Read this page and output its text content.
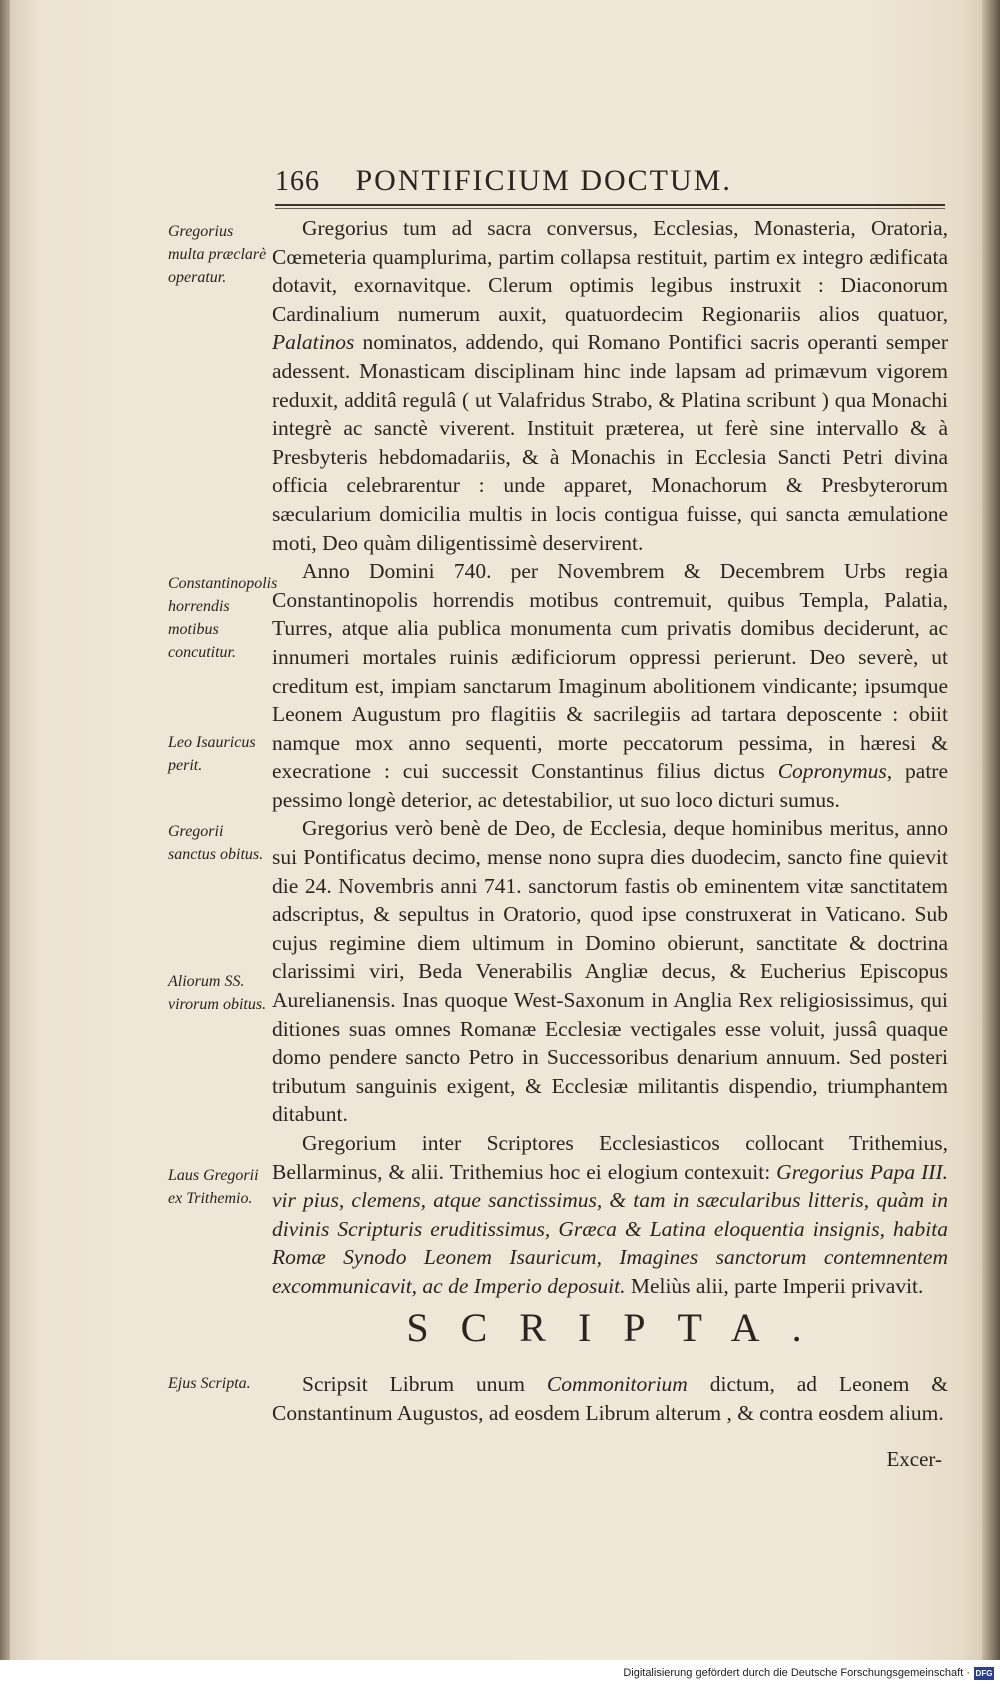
166 PONTIFICIUM DOCTUM.
Gregorius multa præclarè operatur.
Constantinopolis horrendis motibus concutitur.
Leo Isauricus perit.
Gregorii sanctus obitus.
Aliorum SS. virorum obitus.
Laus Gregorii ex Trithemio.
Ejus Scripta.

Gregorius tum ad sacra conversus, Ecclesias, Monasteria, Oratoria, Cœmeteria quamplurima, partim collapsa restituit, partim ex integro ædificata dotavit, exornavitque. Clerum optimis legibus instruxit : Diaconorum Cardinalium numerum auxit, quatuordecim Regionariis alios quatuor, Palatinos nominatos, addendo, qui Romano Pontifici sacris operanti semper adessent. Monasticam disciplinam hinc inde lapsam ad primævum vigorem reduxit, additâ regulâ ( ut Valafridus Strabo, & Platina scribunt ) qua Monachi integrè ac sanctè viverent. Instituit præterea, ut ferè sine intervallo & à Presbyteris hebdomadariis, & à Monachis in Ecclesia Sancti Petri divina officia celebrarentur : unde apparet, Monachorum & Presbyterorum sæcularium domicilia multis in locis contigua fuisse, qui sancta æmulatione moti, Deo quàm diligentissimè deservirent.

Anno Domini 740. per Novembrem & Decembrem Urbs regia Constantinopolis horrendis motibus contremuit, quibus Templa, Palatia, Turres, atque alia publica monumenta cum privatis domibus deciderunt, ac innumeri mortales ruinis ædificiorum oppressi perierunt. Deo severè, ut creditum est, impiam sanctarum Imaginum abolitionem vindicante; ipsumque Leonem Augustum pro flagitiis & sacrilegiis ad tartara deposcente : obiit namque mox anno sequenti, morte peccatorum pessima, in hæresi & execratione : cui successit Constantinus filius dictus Copronymus, patre pessimo longè deterior, ac detestabilior, ut suo loco dicturi sumus.

Gregorius verò benè de Deo, de Ecclesia, deque hominibus meritus, anno sui Pontificatus decimo, mense nono supra dies duodecim, sancto fine quievit die 24. Novembris anni 741. sanctorum fastis ob eminentem vitæ sanctitatem adscriptus, & sepultus in Oratorio, quod ipse construxerat in Vaticano. Sub cujus regimine diem ultimum in Domino obierunt, sanctitate & doctrina clarissimi viri, Beda Venerabilis Angliæ decus, & Eucherius Episcopus Aurelianensis. Inas quoque West-Saxonum in Anglia Rex religiosissimus, qui ditiones suas omnes Romanæ Ecclesiæ vectigales esse voluit, jussâ quaque domo pendere sancto Petro in Successoribus denarium annuum. Sed posteri tributum sanguinis exigent, & Ecclesiæ militantis dispendio, triumphantem ditabunt.

Gregorium inter Scriptores Ecclesiasticos collocant Trithemius, Bellarminus, & alii. Trithemius hoc ei elogium contexuit: Gregorius Papa III. vir pius, clemens, atque sanctissimus, & tam in sæcularibus litteris, quàm in divinis Scripturis eruditissimus, Græca & Latina eloquentia insignis, habita Romæ Synodo Leonem Isauricum, Imagines sanctorum contemnentem excommunicavit, ac de Imperio deposuit. Meliùs alii, parte Imperii privavit.

SCRIPTA.

Scripsit Librum unum Commonitorium dictum, ad Leonem & Constantinum Augustos, ad eosdem Librum alterum , & contra eosdem alium.

Excer-
Digitalisierung gefördert durch die Deutsche Forschungsgemeinschaft · DFG
